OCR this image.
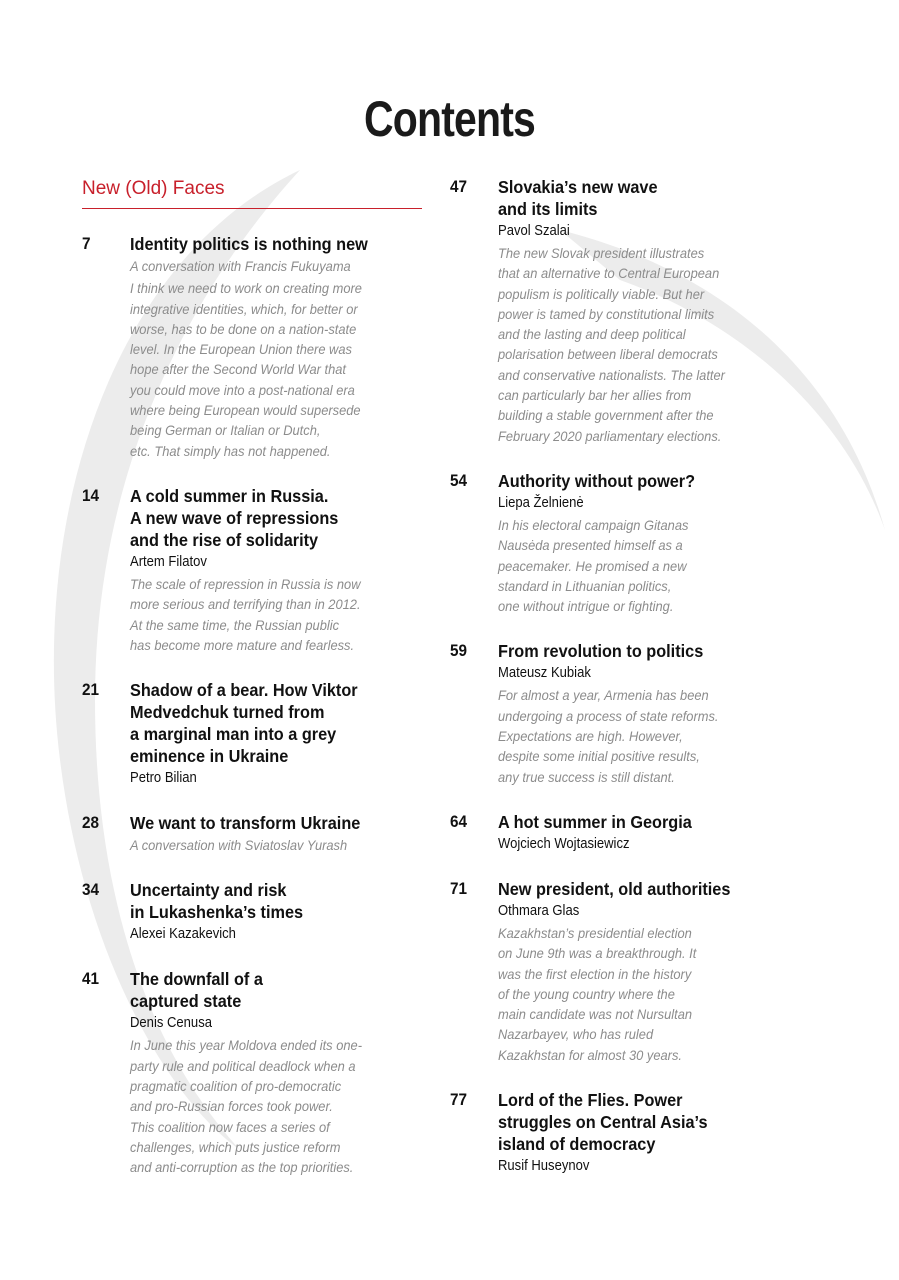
Contents
New (Old) Faces
7	Identity politics is nothing new
A conversation with Francis Fukuyama
I think we need to work on creating more
integrative identities, which, for better or
worse, has to be done on a nation-state
level. In the European Union there was
hope after the Second World War that
you could move into a post-national era
where being European would supersede
being German or Italian or Dutch,
etc. That simply has not happened.
14	A cold summer in Russia.
A new wave of repressions
and the rise of solidarity
Artem Filatov
The scale of repression in Russia is now
more serious and terrifying than in 2012.
At the same time, the Russian public
has become more mature and fearless.
21	Shadow of a bear. How Viktor
Medvedchuk turned from
a marginal man into a grey
eminence in Ukraine
Petro Bilian
28	We want to transform Ukraine
A conversation with Sviatoslav Yurash
34	Uncertainty and risk
in Lukashenka’s times
Alexei Kazakevich
41	The downfall of a
captured state
Denis Cenusa
In June this year Moldova ended its one-
party rule and political deadlock when a
pragmatic coalition of pro-democratic
and pro-Russian forces took power.
This coalition now faces a series of
challenges, which puts justice reform
and anti-corruption as the top priorities.
47	Slovakia’s new wave
and its limits
Pavol Szalai
The new Slovak president illustrates
that an alternative to Central European
populism is politically viable. But her
power is tamed by constitutional limits
and the lasting and deep political
polarisation between liberal democrats
and conservative nationalists. The latter
can particularly bar her allies from
building a stable government after the
February 2020 parliamentary elections.
54	Authority without power?
Liepa Želnienė
In his electoral campaign Gitanas
Nausėda presented himself as a
peacemaker. He promised a new
standard in Lithuanian politics,
one without intrigue or fighting.
59	From revolution to politics
Mateusz Kubiak
For almost a year, Armenia has been
undergoing a process of state reforms.
Expectations are high. However,
despite some initial positive results,
any true success is still distant.
64	A hot summer in Georgia
Wojciech Wojtasiewicz
71	New president, old authorities
Othmara Glas
Kazakhstan’s presidential election
on June 9th was a breakthrough. It
was the first election in the history
of the young country where the
main candidate was not Nursultan
Nazarbayev, who has ruled
Kazakhstan for almost 30 years.
77	Lord of the Flies. Power
struggles on Central Asia’s
island of democracy
Rusif Huseynov
